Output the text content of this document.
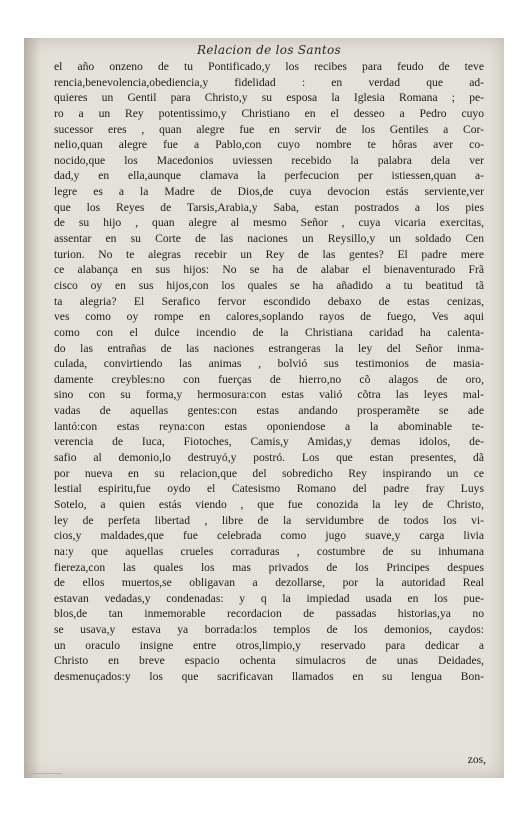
Relacion de los Santos
el año onzeno de tu Pontificado,y los recibes para feudo de teve
rencia,benevolencia,obediencia,y fidelidad : en verdad que ad-
quieres un Gentil para Christo,y su esposa la Iglesia Romana ; pe-
ro a un Rey potentissimo,y Christiano en el desseo a Pedro cuyo
sucessor eres , quan alegre fue en servir de los Gentiles a Cor-
nelio,quan alegre fue a Pablo,con cuyo nombre te hôras aver co-
nocido,que los Macedonios uviessen recebido la palabra dela ver
dad,y en ella,aunque clamava la perfecucion per istiessen,quan a-
legre es a la Madre de Dios,de cuya devocion estás serviente,ver
que los Reyes de Tarsis,Arabia,y Saba, estan postrados a los pies
de su hijo , quan alegre al mesmo Señor , cuya vicaria exercitas,
assentar en su Corte de las naciones un Reysillo,y un soldado Cen
turion. No te alegras recebir un Rey de las gentes? El padre mere
ce alabança en sus hijos: No se ha de alabar el bienaventurado Frã
cisco oy en sus hijos,con los quales se ha añadido a tu beatitud tã
ta alegria? El Serafico fervor escondido debaxo de estas cenizas,
ves como oy rompe en calores,soplando rayos de fuego, Ves aqui
como con el dulce incendio de la Christiana caridad ha calenta-
do las entrañas de las naciones estrangeras la ley del Señor inma-
culada, convirtiendo las animas , bolvió sus testimonios de masia-
damente creybles:no con fuerças de hierro,no cõ alagos de oro,
sino con su forma,y hermosura:con estas valió cõtra las leyes mal-
vadas de aquellas gentes:con estas andando prosperamẽte se ade
lantó:con estas reyna:con estas oponiendose a la abominable te-
verencia de Iuca, Fiotoches, Camis,y Amidas,y demas idolos, de-
safio al demonio,lo destruyó,y postró. Los que estan presentes, dã
por nueva en su relacion,que del sobredicho Rey inspirando un ce
lestial espiritu,fue oydo el Catesismo Romano del padre fray Luys
Sotelo, a quien estás viendo , que fue conozida la ley de Christo,
ley de perfeta libertad , libre de la servidumbre de todos los vi-
cios,y maldades,que fue celebrada como jugo suave,y carga livia
na:y que aquellas crueles corraduras , costumbre de su inhumana
fiereza,con las quales los mas privados de los Principes despues
de ellos muertos,se obligavan a dezollarse, por la autoridad Real
estavan vedadas,y condenadas: y q la impiedad usada en los pue-
blos,de tan inmemorable recordacion de passadas historias,ya no
se usava,y estava ya borrada:los templos de los demonios, caydos:
un oraculo insigne entre otros,limpio,y reservado para dedicar a
Christo en breve espacio ochenta simulacros de unas Deidades,
desmenuçados:y los que sacrificavan llamados en su lengua Bon-
zos,
